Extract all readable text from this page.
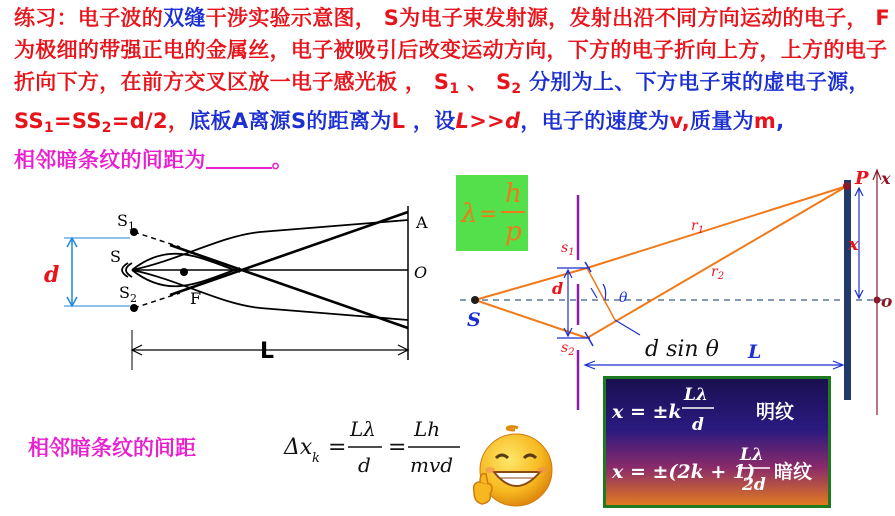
练习：电子波的双缝干涉实验示意图， S为电子束发射源，发射出沿不同方向运动的电子， F为极细的带强正电的金属丝，电子被吸引后改变运动方向，下方的电子折向上方，上方的电子折向下方，在前方交叉区放一电子感光板 ， $S_1$ 、 $S_2$ 分别为上、下方电子束的虚电子源，$SS_1=SS_2=d/2$，底板A离源S的距离为L ，设L>>d，电子的速度为v,质量为m,
相邻暗条纹的间距为	。

$S_1$
S
$S_2$	F
A
O
d
L
λ =
h
p
P x
x
o
$r_1$
$r_2$
$s_1$
$s_2$
d	θ
S
d sin θ L
相邻暗条纹的间距	Δx k =
Lλ
d
=
Lh
mvd
x = ±k
Lλ
d
明纹
x = ±(2k + 1)
Lλ
2d
暗纹
